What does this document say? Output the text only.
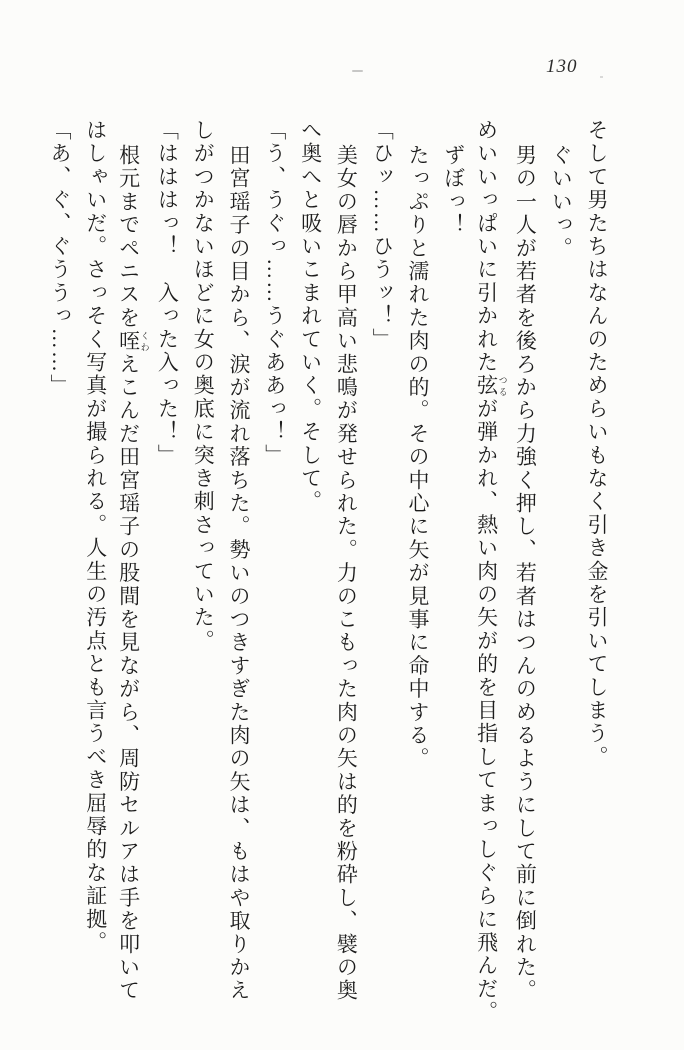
130
そして男たちはなんのためらいもなく引き金を引いてしまう。
ぐいいっ。
男の一人が若者を後ろから力強く押し、若者はつんのめるようにして前に倒れた。
めいいっぱいに引かれた弦 つるが弾かれ、熱い肉の矢が的を目指してまっしぐらに飛んだ。
ずぼっ！
たっぷりと濡れた肉の的。その中心に矢が見事に命中する。
「ひッ……ひうッ！」
美女の唇から甲高い悲鳴が発せられた。力のこもった肉の矢は的を粉砕し、襞の奥
へ奥へと吸いこまれていく。そして。
「う、うぐっ……うぐああっ！」
田宮瑶子の目から、涙が流れ落ちた。勢いのつきすぎた肉の矢は、もはや取りかえ
しがつかないほどに女の奥底に突き刺さっていた。
「はははっ！　入った入った！」
根元までペニスを咥 くわえこんだ田宮瑶子の股間を見ながら、周防セルアは手を叩いて
はしゃいだ。さっそく写真が撮られる。人生の汚点とも言うべき屈辱的な証拠。
「あ、ぐ、ぐううっ……」
